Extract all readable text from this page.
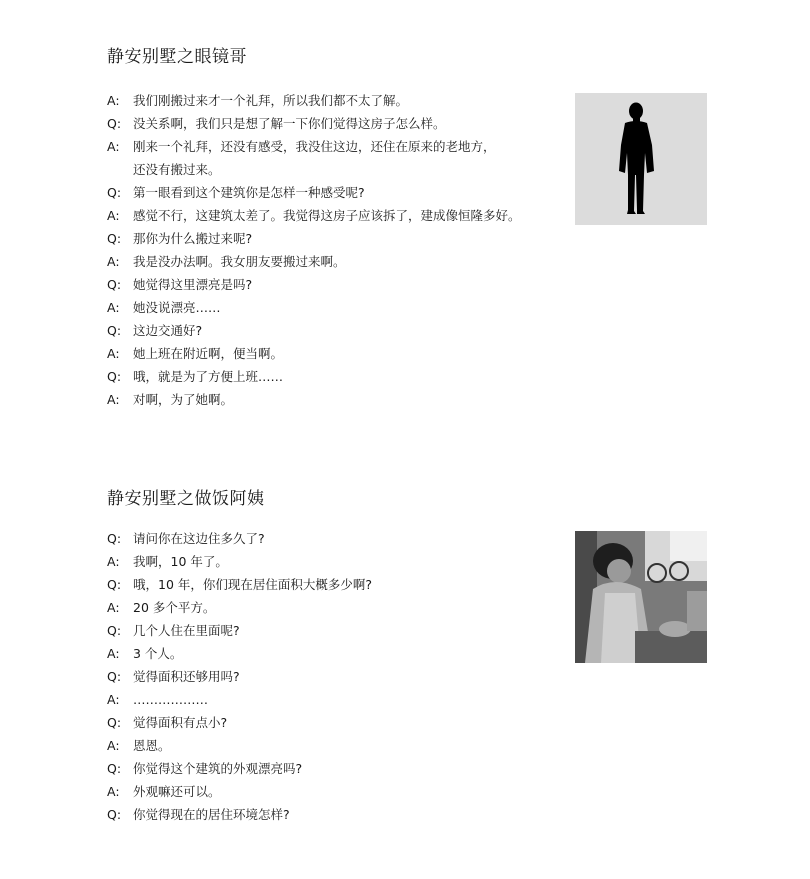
静安别墅之眼镜哥
A:	我们刚搬过来才一个礼拜，所以我们都不太了解。
Q: 没关系啊，我们只是想了解一下你们觉得这房子怎么样。
A:	刚来一个礼拜，还没有感受，我没住这边，还住在原来的老地方，
还没有搬过来。
Q: 第一眼看到这个建筑你是怎样一种感受呢?
A:	感觉不行，这建筑太差了。我觉得这房子应该拆了，建成像恒隆多好。
Q: 那你为什么搬过来呢?
A:	我是没办法啊。我女朋友要搬过来啊。
Q: 她觉得这里漂亮是吗?
A:	她没说漂亮……
Q: 这边交通好?
A:	她上班在附近啊，便当啊。
Q: 哦，就是为了方便上班……
A:	对啊，为了她啊。
静安别墅之做饭阿姨
Q: 请问你在这边住多久了?
A:	我啊，10 年了。
Q: 哦，10 年，你们现在居住面积大概多少啊?
A:	20 多个平方。
Q: 几个人住在里面呢?
A:	3 个人。
Q: 觉得面积还够用吗?
A:	………………
Q: 觉得面积有点小?
A:	恩恩。
Q: 你觉得这个建筑的外观漂亮吗?
A:	外观嘛还可以。
Q: 你觉得现在的居住环境怎样?
